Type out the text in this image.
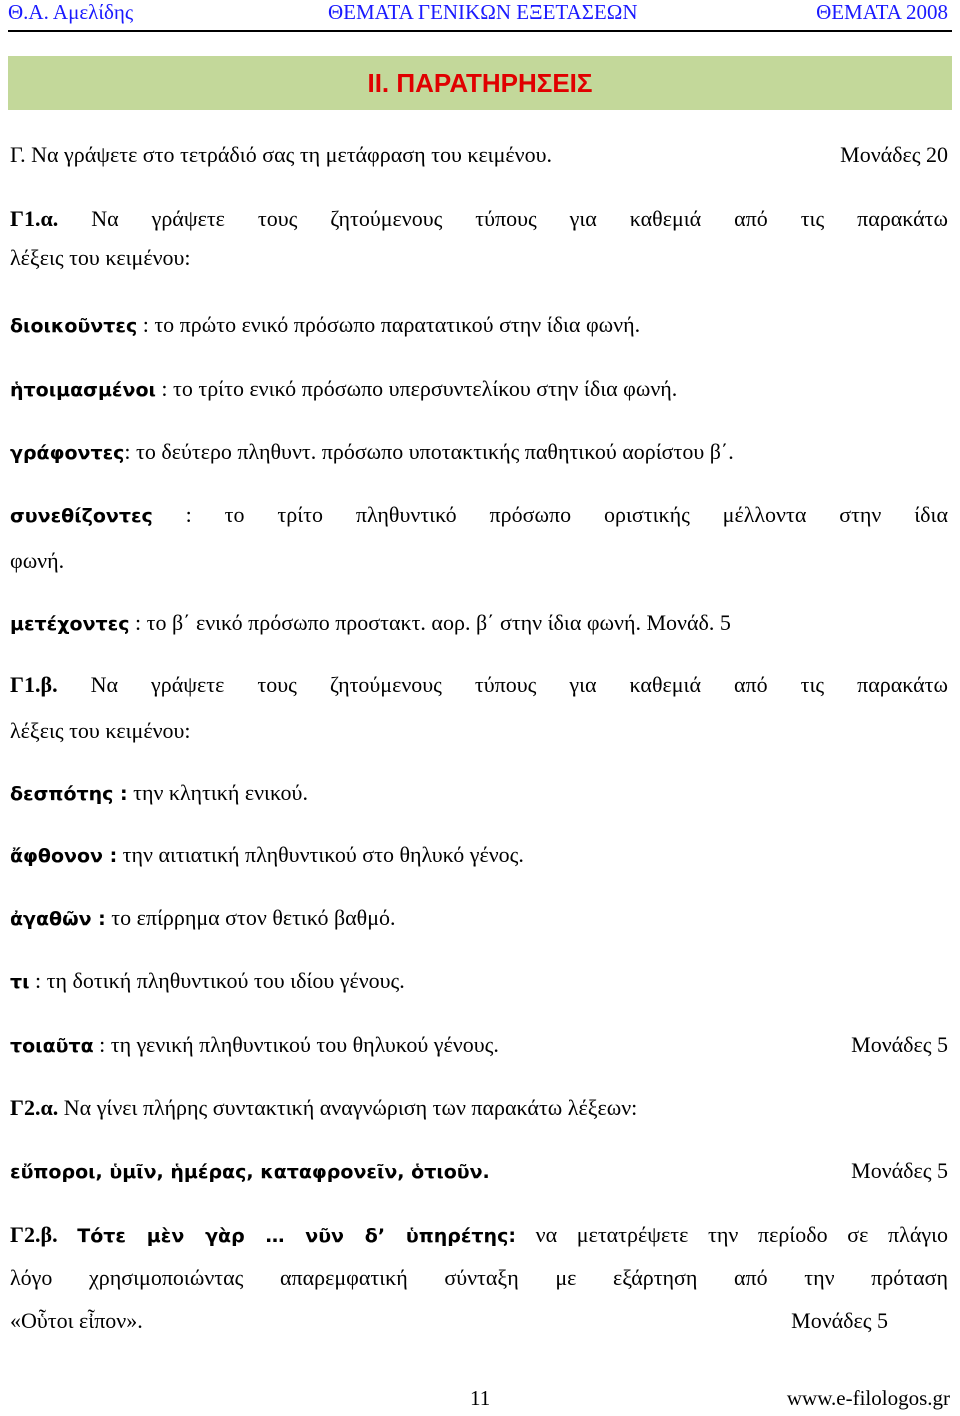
Θ.Α. Αμελίδης	ΘΕΜΑΤΑ ΓΕΝΙΚΩΝ ΕΞΕΤΑΣΕΩΝ	ΘΕΜΑΤΑ 2008
ΙΙ. ΠΑΡΑΤΗΡΗΣΕΙΣ
Γ. Να γράψετε στο τετράδιό σας τη μετάφραση του κειμένου.	Μονάδες 20
Γ1.α. Να γράψετε τους ζητούμενους τύπους για καθεμιά από τις παρακάτω
λέξεις του κειμένου:
διοικοῦντες : το πρώτο ενικό πρόσωπο παρατατικού στην ίδια φωνή.
ἡτοιμασμένοι : το τρίτο ενικό πρόσωπο υπερσυντελίκου στην ίδια φωνή.
γράφοντες: το δεύτερο πληθυντ. πρόσωπο υποτακτικής παθητικού αορίστου β΄.
συνεθίζοντες : το τρίτο πληθυντικό πρόσωπο οριστικής μέλλοντα στην ίδια
φωνή.
μετέχοντες : το β΄ ενικό πρόσωπο προστακτ. αορ. β΄ στην ίδια φωνή. Μονάδ. 5
Γ1.β. Να γράψετε τους ζητούμενους τύπους για καθεμιά από τις παρακάτω
λέξεις του κειμένου:
δεσπότης : την κλητική ενικού.
ἄφθονον : την αιτιατική πληθυντικού στο θηλυκό γένος.
ἀγαθῶν : το επίρρημα στον θετικό βαθμό.
τι : τη δοτική πληθυντικού του ιδίου γένους.
τοιαῦτα : τη γενική πληθυντικού του θηλυκού γένους.	Μονάδες 5
Γ2.α. Να γίνει πλήρης συντακτική αναγνώριση των παρακάτω λέξεων:
εὔποροι, ὑμῖν, ἡμέρας, καταφρονεῖν, ὁτιοῦν.	Μονάδες 5
Γ2.β. Τότε μὲν γὰρ … νῦν δ’ ὑπηρέτης: να μετατρέψετε την περίοδο σε πλάγιο
λόγο χρησιμοποιώντας απαρεμφατική σύνταξη με εξάρτηση από την πρόταση
«Οὗτοι εἶπον».	Μονάδες 5
11	www.e-filologos.gr
